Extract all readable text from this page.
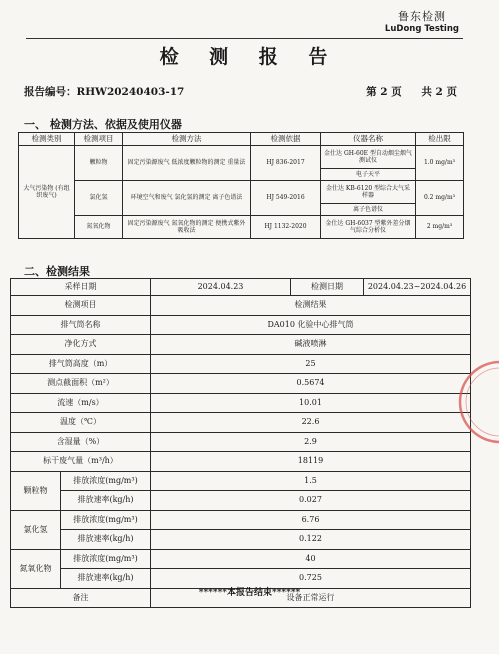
鲁东检测
LuDong Testing
检 测 报 告
报告编号：RHW20240403-17	第 2 页 共 2 页
一、 检测方法、依据及使用仪器
检测类别	检测项目	检测方法	检测依据	仪器名称	检出限
大气污染物 (有组织废气)	颗粒物	固定污染源废气 低浓度颗粒物的测定 重量法	HJ 836-2017	金仕达 GH-60E 型自动烟尘烟气测试仪	1.0 mg/m³
				电子天平	
	氯化氢	环境空气和废气 氯化氢的测定 离子色谱法	HJ 549-2016	金仕达 KB-6120 型综合大气采样器	0.2 mg/m³
				离子色谱仪	
	氮氧化物	固定污染源废气 氮氧化物的测定 便携式紫外吸收法	HJ 1132-2020	金仕达 GH-6037 型紫外差分烟气综合分析仪	2 mg/m³
二、检测结果
采样日期		2024.04.23	检测日期 2024.04.23~2024.04.26

检测项目		检测结果	
排气筒名称		DA010 化验中心排气筒	
净化方式		碱液喷淋	
排气筒高度（m）		25	
测点截面积（m²）		0.5674	
流速（m/s）		10.01	
温度（℃）		22.6	
含湿量（%）		2.9	
标干废气量（m³/h）		18119	
颗粒物	排放浓度(mg/m³)	1.5	
	排放速率(kg/h)	0.027	
氯化氢	排放浓度(mg/m³)	6.76	
	排放速率(kg/h)	0.122	
氮氧化物	排放浓度(mg/m³)	40	
	排放速率(kg/h)	0.725	
备注		设备正常运行	
******本报告结束******
